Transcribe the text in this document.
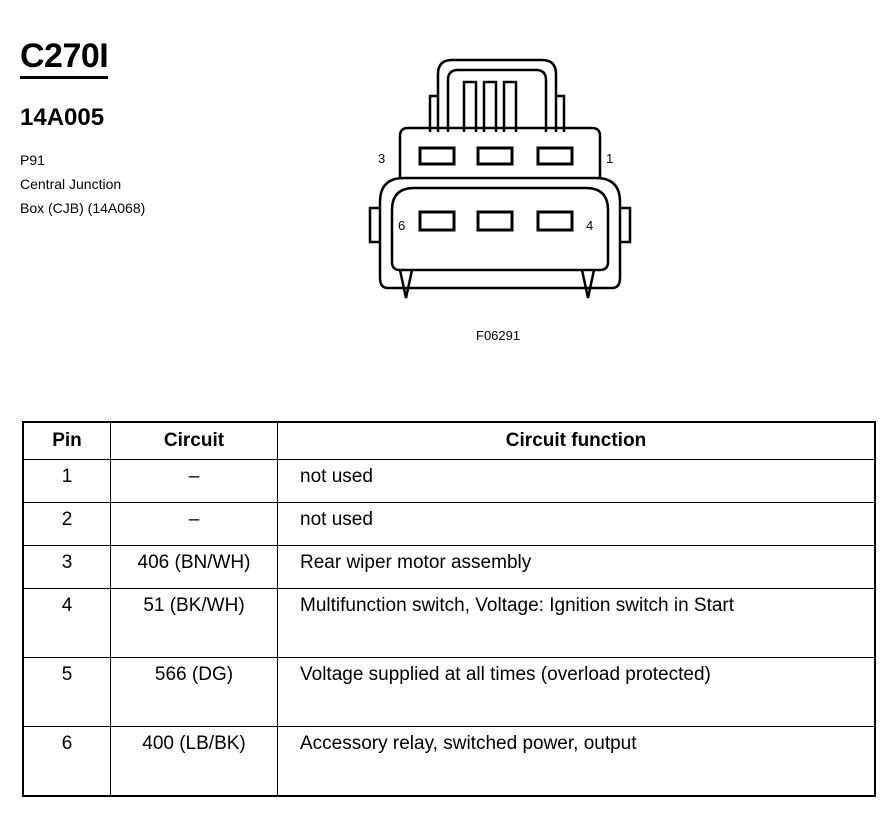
C270I
14A005
P91
Central Junction
Box (CJB) (14A068)
3	1
6	4
F06291
Pin	Circuit	Circuit function
1	–	not used
2	–	not used
3	406 (BN/WH)	Rear wiper motor assembly
4	51 (BK/WH)	Multifunction switch, Voltage: Ignition switch in Start
5	566 (DG)	Voltage supplied at all times (overload protected)
6	400 (LB/BK)	Accessory relay, switched power, output
